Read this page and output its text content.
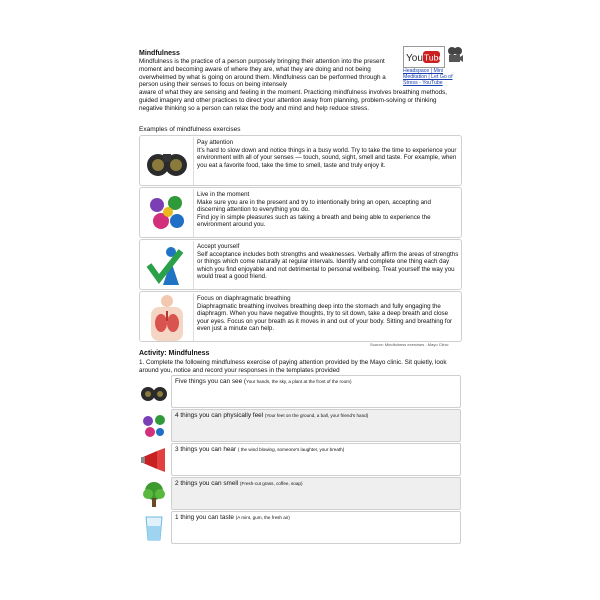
Mindfulness
Mindfulness is the practice of a person purposely bringing their attention into the present moment and becoming aware of where they are, what they are doing and not being overwhelmed by what is going on around them. Mindfulness can be performed through a person using their senses to focus on being intensely
aware of what they are sensing and feeling in the moment. Practicing mindfulness involves breathing methods, guided imagery and other practices to direct your attention away from planning, problem-solving or thinking negative thinking so a person can relax the body and mind and help reduce stress.
You Tube
Headspace | Mini Meditation | Let Go of Stress - YouTube
Examples of mindfulness exercises
Pay attention
It's hard to slow down and notice things in a busy world. Try to take the time to experience your environment with all of your senses — touch, sound, sight, smell and taste. For example, when you eat a favorite food, take the time to smell, taste and truly enjoy it.
Live in the moment
Make sure you are in the present and try to intentionally bring an open, accepting and discerning attention to everything you do.
Find joy in simple pleasures such as taking a breath and being able to experience the environment around you.
Accept yourself
Self acceptance includes both strengths and weaknesses. Verbally affirm the areas of strengths or things which come naturally at regular intervals. Identify and complete one thing each day which you find enjoyable and not detrimental to personal wellbeing. Treat yourself the way you would treat a good friend.
Focus on diaphragmatic breathing
Diaphragmatic breathing involves breathing deep into the stomach and fully engaging the diaphragm. When you have negative thoughts, try to sit down, take a deep breath and close your eyes. Focus on your breath as it moves in and out of your body. Sitting and breathing for even just a minute can help.
Source: Mindfulness exercises - Mayo Clinic
Activity: Mindfulness
1. Complete the following mindfulness exercise of paying attention provided by the Mayo clinic. Sit quietly, look around you, notice and record your responses in the templates provided
Five things you can see (Your hands, the sky, a plant at the front of the room)
4 things you can physically feel (Your feet on the ground, a ball, your friend's hand)
3 things you can hear ( the wind blowing, someone's laughter, your breath)
2 things you can smell (Fresh-cut grass, coffee, soap)
1 thing you can taste (A mint, gum, the fresh air)
